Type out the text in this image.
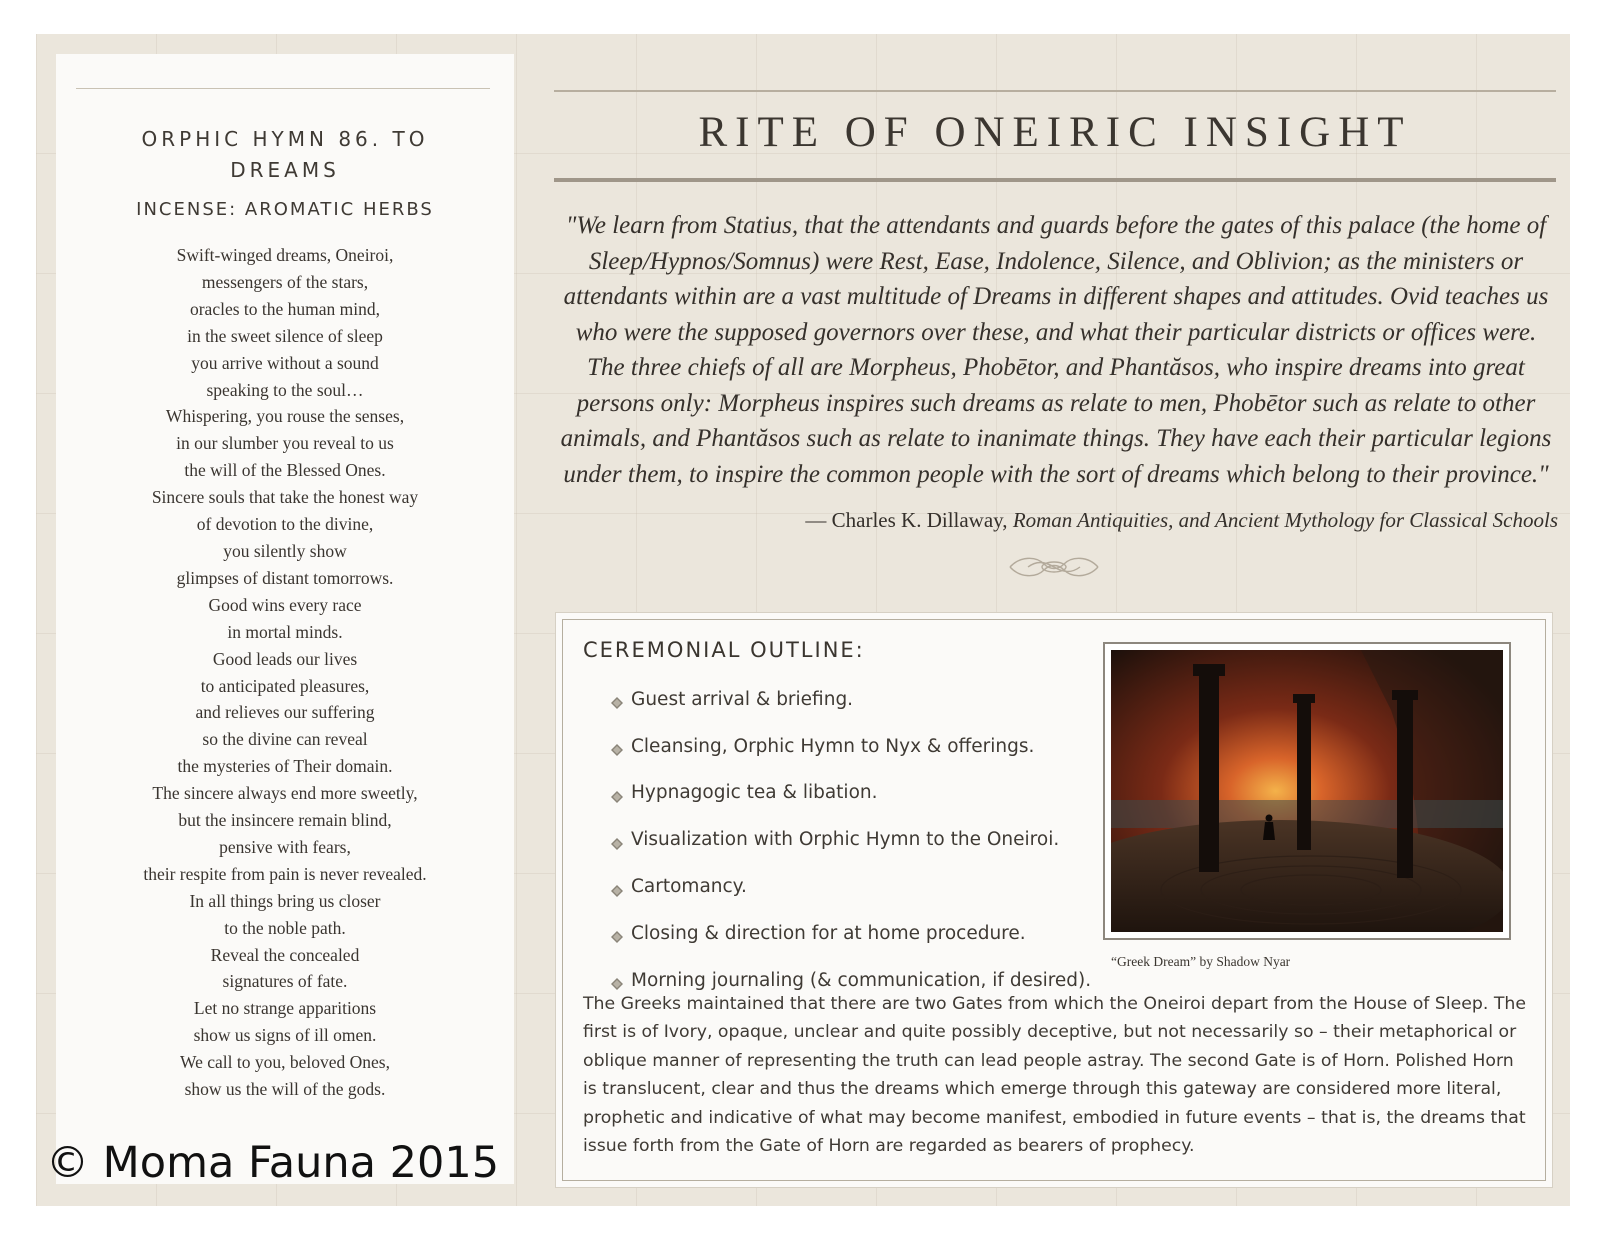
ORPHIC HYMN 86. TO DREAMS
INCENSE: AROMATIC HERBS
Swift-winged dreams, Oneiroi,
messengers of the stars,
oracles to the human mind,
in the sweet silence of sleep
you arrive without a sound
speaking to the soul…
Whispering, you rouse the senses,
in our slumber you reveal to us
the will of the Blessed Ones.
Sincere souls that take the honest way
of devotion to the divine,
you silently show
glimpses of distant tomorrows.
Good wins every race
in mortal minds.
Good leads our lives
to anticipated pleasures,
and relieves our suffering
so the divine can reveal
the mysteries of Their domain.
The sincere always end more sweetly,
but the insincere remain blind,
pensive with fears,
their respite from pain is never revealed.
In all things bring us closer
to the noble path.
Reveal the concealed
signatures of fate.
Let no strange apparitions
show us signs of ill omen.
We call to you, beloved Ones,
show us the will of the gods.
© Moma Fauna 2015
RITE OF ONEIRIC INSIGHT
"We learn from Statius, that the attendants and guards before the gates of this palace (the home of Sleep/Hypnos/Somnus) were Rest, Ease, Indolence, Silence, and Oblivion; as the ministers or attendants within are a vast multitude of Dreams in different shapes and attitudes. Ovid teaches us who were the supposed governors over these, and what their particular districts or offices were. The three chiefs of all are Morpheus, Phobētor, and Phantăsos, who inspire dreams into great persons only: Morpheus inspires such dreams as relate to men, Phobētor such as relate to other animals, and Phantăsos such as relate to inanimate things. They have each their particular legions under them, to inspire the common people with the sort of dreams which belong to their province."
— Charles K. Dillaway, Roman Antiquities, and Ancient Mythology for Classical Schools
CEREMONIAL OUTLINE:
Guest arrival & briefing.
Cleansing, Orphic Hymn to Nyx & offerings.
Hypnagogic tea & libation.
Visualization with Orphic Hymn to the Oneiroi.
Cartomancy.
Closing & direction for at home procedure.
Morning journaling (& communication, if desired).
“Greek Dream” by Shadow Nyar
The Greeks maintained that there are two Gates from which the Oneiroi depart from the House of Sleep. The first is of Ivory, opaque, unclear and quite possibly deceptive, but not necessarily so – their metaphorical or oblique manner of representing the truth can lead people astray. The second Gate is of Horn. Polished Horn is translucent, clear and thus the dreams which emerge through this gateway are considered more literal, prophetic and indicative of what may become manifest, embodied in future events – that is, the dreams that issue forth from the Gate of Horn are regarded as bearers of prophecy.
